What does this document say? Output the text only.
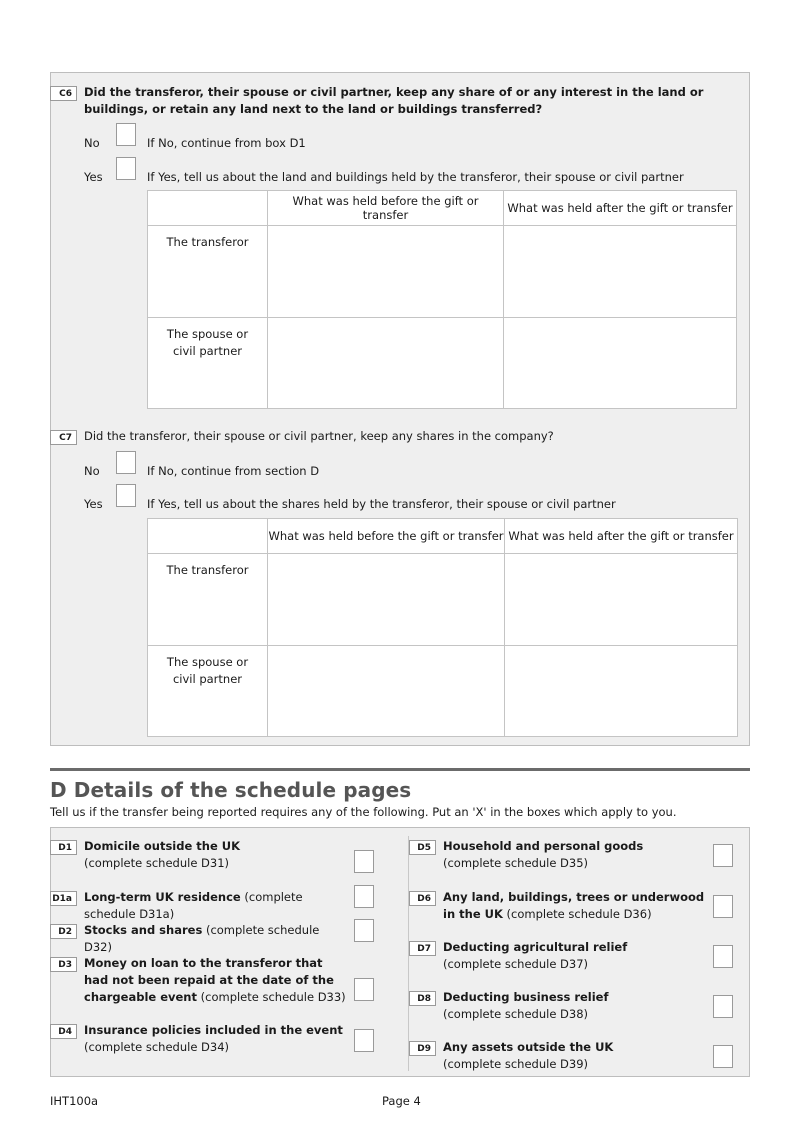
C6	Did the transferor, their spouse or civil partner, keep any share of or any interest in the land or buildings, or retain any land next to the land or buildings transferred?
No	If No, continue from box D1
Yes	If Yes, tell us about the land and buildings held by the transferor, their spouse or civil partner
	What was held before the gift or transfer	What was held after the gift or transfer
The transferor		

The spouse or
civil partner		

C7	Did the transferor, their spouse or civil partner, keep any shares in the company?
No	If No, continue from section D
Yes	If Yes, tell us about the shares held by the transferor, their spouse or civil partner
	What was held before the gift or transfer	What was held after the gift or transfer
The transferor		

The spouse or
civil partner		

D Details of the schedule pages
Tell us if the transfer being reported requires any of the following. Put an 'X' in the boxes which apply to you.
D1	Domicile outside the UK
(complete schedule D31)
D1a	Long-term UK residence (complete schedule D31a)
D2	Stocks and shares (complete schedule D32)
D3	Money on loan to the transferor that
had not been repaid at the date of the
chargeable event (complete schedule D33)
D4	Insurance policies included in the event
(complete schedule D34)
D5	Household and personal goods
(complete schedule D35)
D6	Any land, buildings, trees or underwood
in the UK (complete schedule D36)
D7	Deducting agricultural relief
(complete schedule D37)
D8	Deducting business relief
(complete schedule D38)
D9	Any assets outside the UK
(complete schedule D39)
IHT100a	Page 4
